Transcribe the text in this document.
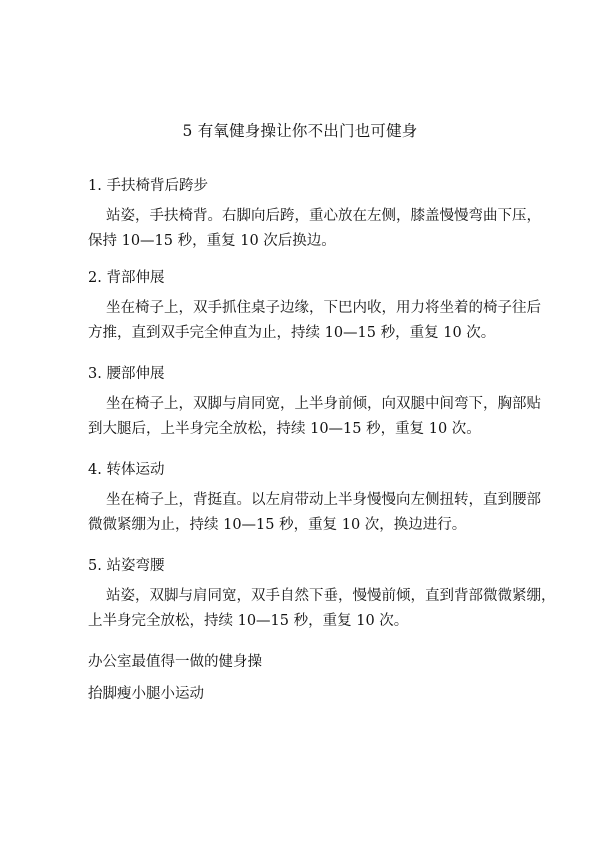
5 有氧健身操让你不出门也可健身
1. 手扶椅背后跨步
站姿，手扶椅背。右脚向后跨，重心放在左侧，膝盖慢慢弯曲下压，
保持 10—15 秒，重复 10 次后换边。
2. 背部伸展
坐在椅子上，双手抓住桌子边缘，下巴内收，用力将坐着的椅子往后
方推，直到双手完全伸直为止，持续 10—15 秒，重复 10 次。
3. 腰部伸展
坐在椅子上，双脚与肩同宽，上半身前倾，向双腿中间弯下，胸部贴
到大腿后，上半身完全放松，持续 10—15 秒，重复 10 次。
4. 转体运动
坐在椅子上，背挺直。以左肩带动上半身慢慢向左侧扭转，直到腰部
微微紧绷为止，持续 10—15 秒，重复 10 次，换边进行。
5. 站姿弯腰
站姿，双脚与肩同宽，双手自然下垂，慢慢前倾，直到背部微微紧绷，
上半身完全放松，持续 10—15 秒，重复 10 次。
办公室最值得一做的健身操
抬脚瘦小腿小运动
